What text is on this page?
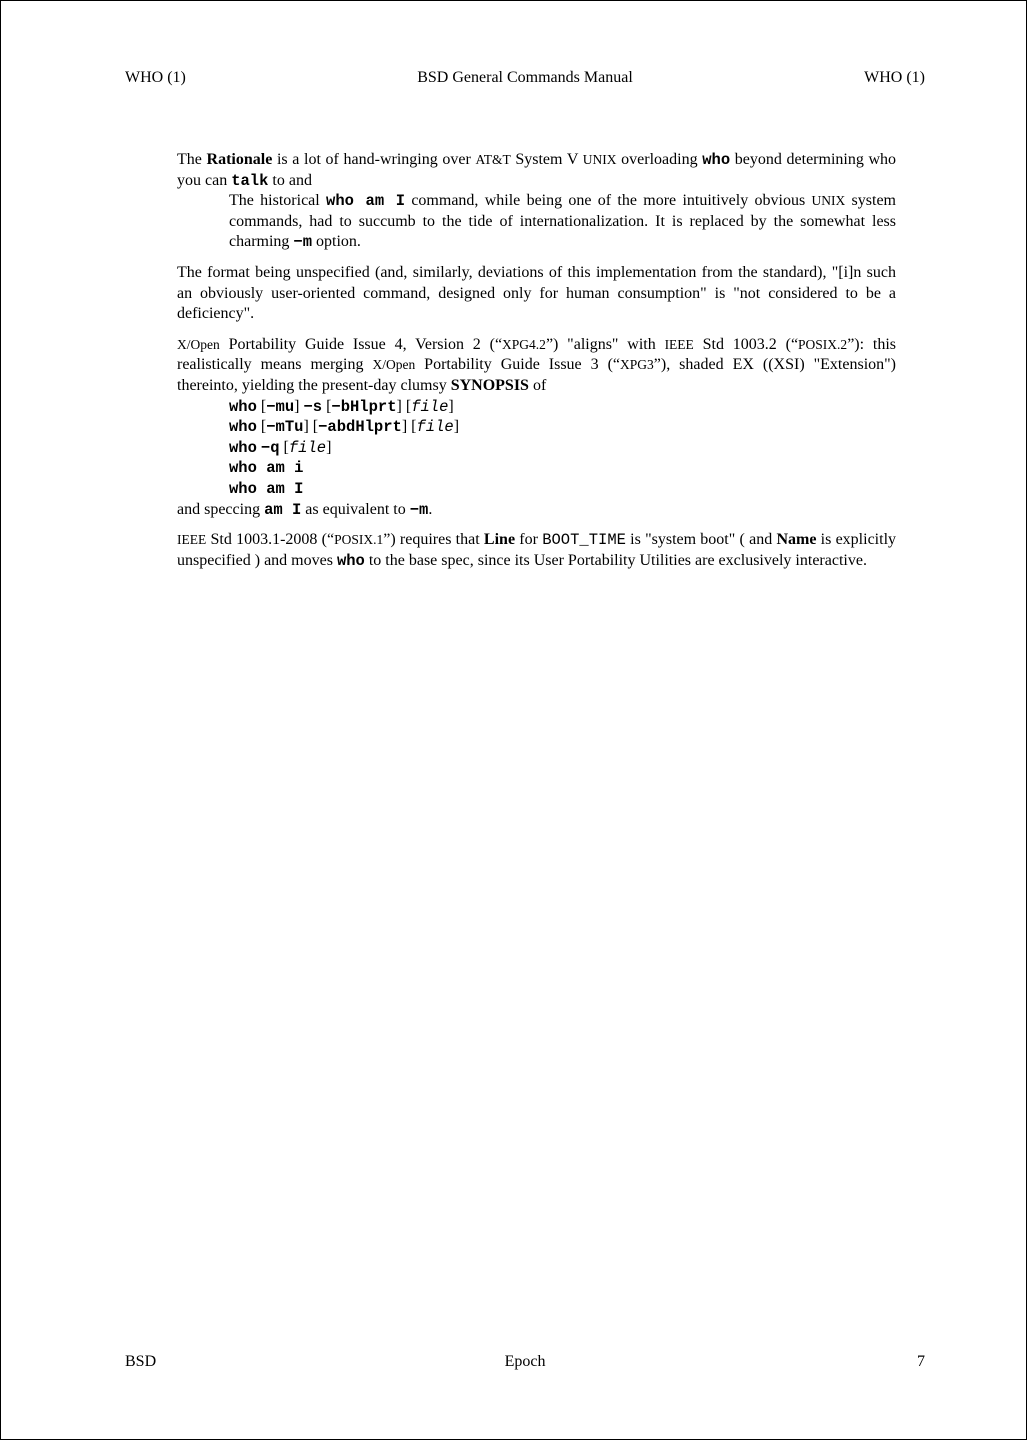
WHO (1)	BSD General Commands Manual	WHO (1)

The Rationale is a lot of hand-wringing over AT&T System V UNIX overloading who beyond determining who you can talk to and

The historical who am I command, while being one of the more intuitively obvious UNIX system commands, had to succumb to the tide of internationalization. It is replaced by the somewhat less charming −m option.

The format being unspecified (and, similarly, deviations of this implementation from the standard), "[i]n such an obviously user-oriented command, designed only for human consumption" is "not considered to be a deficiency".

X/Open Portability Guide Issue 4, Version 2 (“XPG4.2”) "aligns" with IEEE Std 1003.2 (“POSIX.2”): this realistically means merging X/Open Portability Guide Issue 3 (“XPG3”), shaded EX ((XSI) "Extension") thereinto, yielding the present-day clumsy SYNOPSIS of

who [−mu] −s [−bHlprt] [file]
who [−mTu] [−abdHlprt] [file]
who −q [file]
who am i
who am I

and speccing am I as equivalent to −m.

IEEE Std 1003.1-2008 (“POSIX.1”) requires that Line for BOOT_TIME is "system boot" ( and Name is explicitly unspecified ) and moves who to the base spec, since its User Portability Utilities are exclusively interactive.

BSD	Epoch	7
